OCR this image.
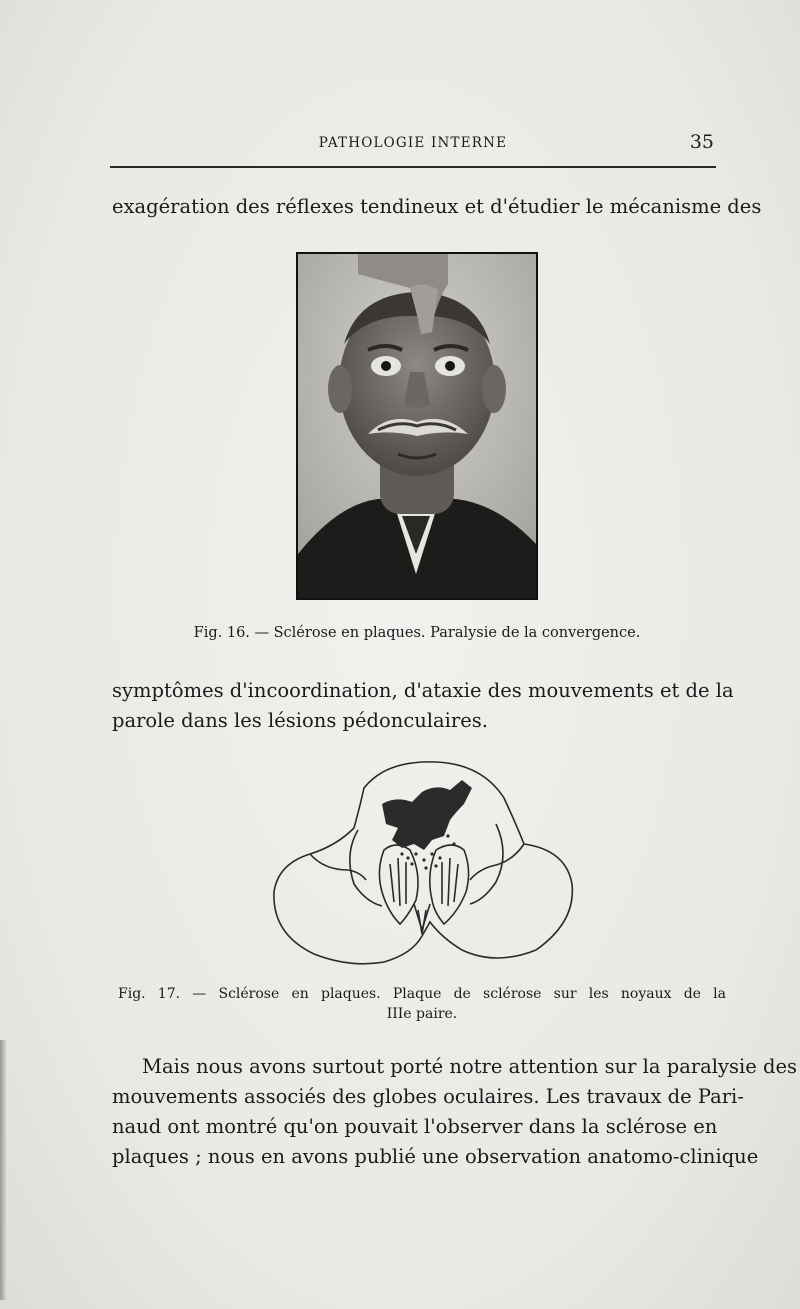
PATHOLOGIE INTERNE	35
exagération des réflexes tendineux et d'étudier le mécanisme des
Fig. 16. — Sclérose en plaques. Paralysie de la convergence.
symptômes d'incoordination, d'ataxie des mouvements et de la
parole dans les lésions pédonculaires.
Fig. 17. — Sclérose en plaques. Plaque de sclérose sur les noyaux de la
IIIe paire.
Mais nous avons surtout porté notre attention sur la paralysie des
mouvements associés des globes oculaires. Les travaux de Pari-
naud ont montré qu'on pouvait l'observer dans la sclérose en
plaques ; nous en avons publié une observation anatomo-clinique
